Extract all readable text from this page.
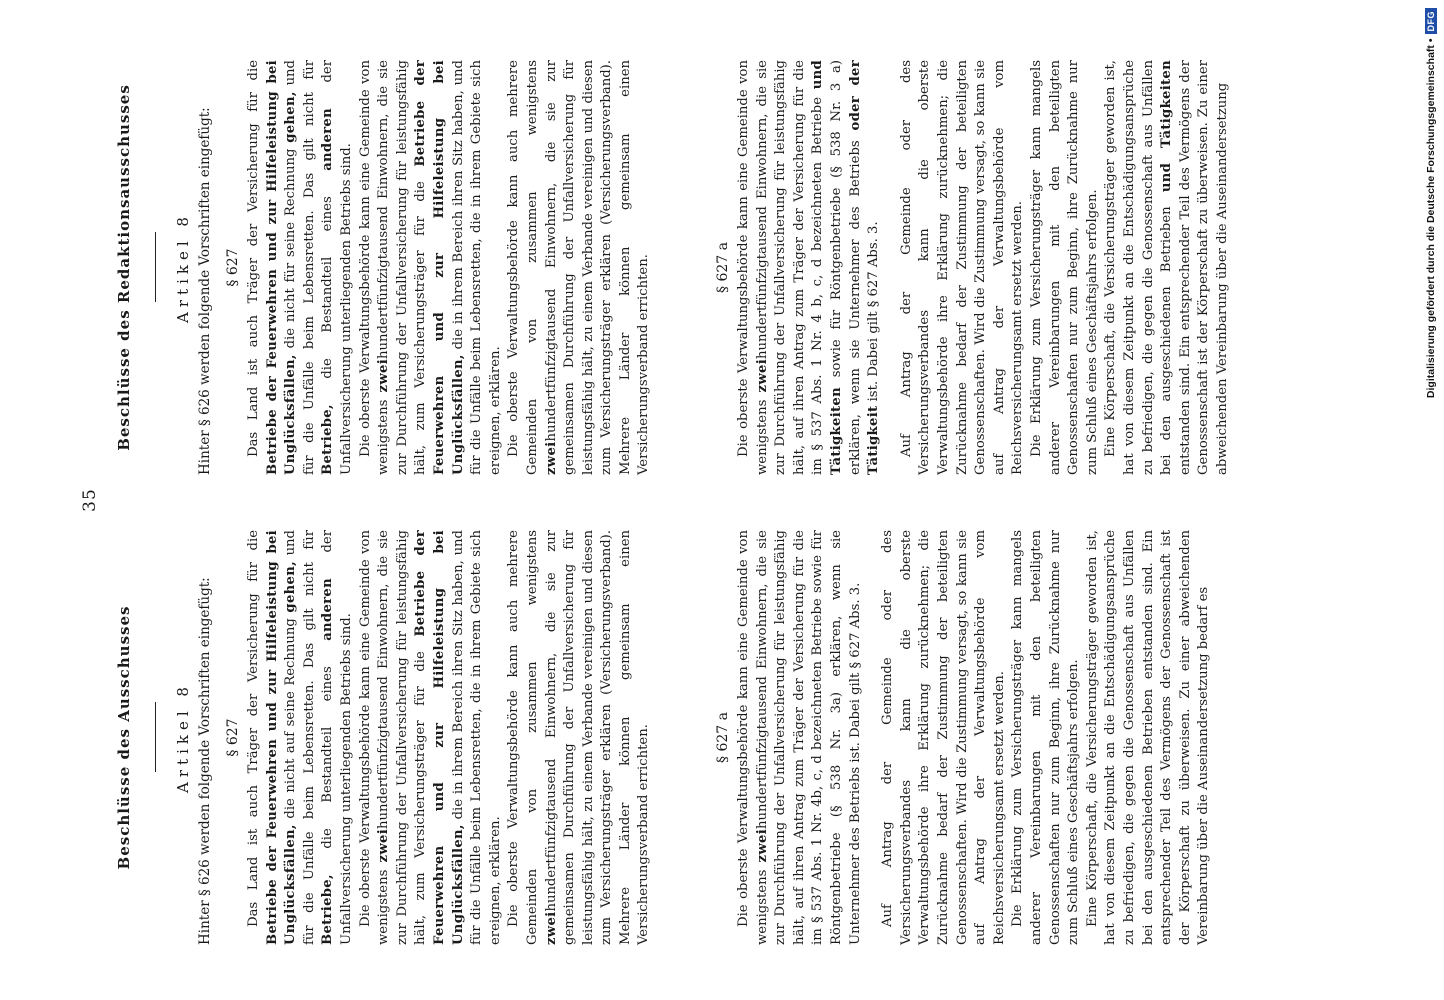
35
Beschlüsse des Ausschusses	Artikel 8 Hinter § 626 werden folgende Vorschriften eingefügt: § 627 Das Land ist auch Träger der Versicherung für die Betriebe der Feuerwehren und zur Hilfeleistung bei Unglücksfällen, die nicht auf seine Rechnung gehen, und für die Unfälle beim Lebensretten. Das gilt nicht für Betriebe, die Bestandteil eines anderen der Unfallversicherung unterliegenden Betriebs sind. Die oberste Verwaltungsbehörde kann eine Gemeinde von wenigstens zweihundertfünfzigtausend Einwohnern, die sie zur Durchführung der Unfallversicherung für leistungsfähig hält, zum Versicherungsträger für die Betriebe der Feuerwehren und zur Hilfeleistung bei Unglücksfällen, die in ihrem Bereich ihren Sitz haben, und für die Unfälle beim Lebensretten, die in ihrem Gebiete sich ereignen, erklären. Die oberste Verwaltungsbehörde kann auch mehrere Gemeinden von zusammen wenigstens zweihundertfünfzigtausend Einwohnern, die sie zur gemeinsamen Durchführung der Unfallversicherung für leistungsfähig hält, zu einem Verbande vereinigen und diesen zum Versicherungsträger erklären (Versicherungsverband). Mehrere Länder können gemeinsam einen Versicherungsverband errichten.	§ 627 a Die oberste Verwaltungsbehörde kann eine Gemeinde von wenigstens zweihundertfünfzigtausend Einwohnern, die sie zur Durchführung der Unfallversicherung für leistungsfähig hält, auf ihren Antrag zum Träger der Versicherung für die im § 537 Abs. 1 Nr. 4b, c, d bezeichneten Betriebe sowie für Röntgenbetriebe (§ 538 Nr. 3a) erklären, wenn sie Unternehmer des Betriebs ist. Dabei gilt § 627 Abs. 3. Auf Antrag der Gemeinde oder des Versicherungsverbandes kann die oberste Verwaltungsbehörde ihre Erklärung zurücknehmen; die Zurücknahme bedarf der Zustimmung der beteiligten Genossenschaften. Wird die Zustimmung versagt, so kann sie auf Antrag der Verwaltungsbehörde vom Reichsversicherungsamt ersetzt werden. Die Erklärung zum Versicherungsträger kann mangels anderer Vereinbarungen mit den beteiligten Genossenschaften nur zum Beginn, ihre Zurücknahme nur zum Schluß eines Geschäftsjahrs erfolgen. Eine Körperschaft, die Versicherungsträger geworden ist, hat von diesem Zeitpunkt an die Entschädigungsansprüche zu befriedigen, die gegen die Genossenschaft aus Unfällen bei den ausgeschiedenen Betrieben entstanden sind. Ein entsprechender Teil des Vermögens der Genossenschaft ist der Körperschaft zu überweisen. Zu einer abweichenden Vereinbarung über die Auseinandersetzung bedarf es

Beschlüsse des Redaktionsausschusses	Artikel 8 Hinter § 626 werden folgende Vorschriften eingefügt: § 627 Das Land ist auch Träger der Versicherung für die Betriebe der Feuerwehren und zur Hilfeleistung bei Unglücksfällen, die nicht für seine Rechnung gehen, und für die Unfälle beim Lebensretten. Das gilt nicht für Betriebe, die Bestandteil eines anderen der Unfallversicherung unterliegenden Betriebs sind. Die oberste Verwaltungsbehörde kann eine Gemeinde von wenigstens zweihundertfünfzigtausend Einwohnern, die sie zur Durchführung der Unfallversicherung für leistungsfähig hält, zum Versicherungsträger für die Betriebe der Feuerwehren und zur Hilfeleistung bei Unglücksfällen, die in ihrem Bereich ihren Sitz haben, und für die Unfälle beim Lebensretten, die in ihrem Gebiete sich ereignen, erklären. Die oberste Verwaltungsbehörde kann auch mehrere Gemeinden von zusammen wenigstens zweihundertfünfzigtausend Einwohnern, die sie zur gemeinsamen Durchführung der Unfallversicherung für leistungsfähig hält, zu einem Verbande vereinigen und diesen zum Versicherungsträger erklären (Versicherungsverband). Mehrere Länder können gemeinsam einen Versicherungsverband errichten.	§ 627 a Die oberste Verwaltungsbehörde kann eine Gemeinde von wenigstens zweihundertfünfzigtausend Einwohnern, die sie zur Durchführung der Unfallversicherung für leistungsfähig hält, auf ihren Antrag zum Träger der Versicherung für die im § 537 Abs. 1 Nr. 4 b, c, d bezeichneten Betriebe und Tätigkeiten sowie für Röntgenbetriebe (§ 538 Nr. 3 a) erklären, wenn sie Unternehmer des Betriebs oder der Tätigkeit ist. Dabei gilt § 627 Abs. 3. Auf Antrag der Gemeinde oder des Versicherungsverbandes kann die oberste Verwaltungsbehörde ihre Erklärung zurücknehmen; die Zurücknahme bedarf der Zustimmung der beteiligten Genossenschaften. Wird die Zustimmung versagt, so kann sie auf Antrag der Verwaltungsbehörde vom Reichsversicherungsamt ersetzt werden. Die Erklärung zum Versicherungsträger kann mangels anderer Vereinbarungen mit den beteiligten Genossenschaften nur zum Beginn, ihre Zurücknahme nur zum Schluß eines Geschäftsjahrs erfolgen. Eine Körperschaft, die Versicherungsträger geworden ist, hat von diesem Zeitpunkt an die Entschädigungsansprüche zu befriedigen, die gegen die Genossenschaft aus Unfällen bei den ausgeschiedenen Betrieben und Tätigkeiten entstanden sind. Ein entsprechender Teil des Vermögens der Genossenschaft ist der Körperschaft zu überweisen. Zu einer abweichenden Vereinbarung über die Auseinandersetzung	Digitalisierung gefördert durch die Deutsche Forschungsgemeinschaft •
DFG
